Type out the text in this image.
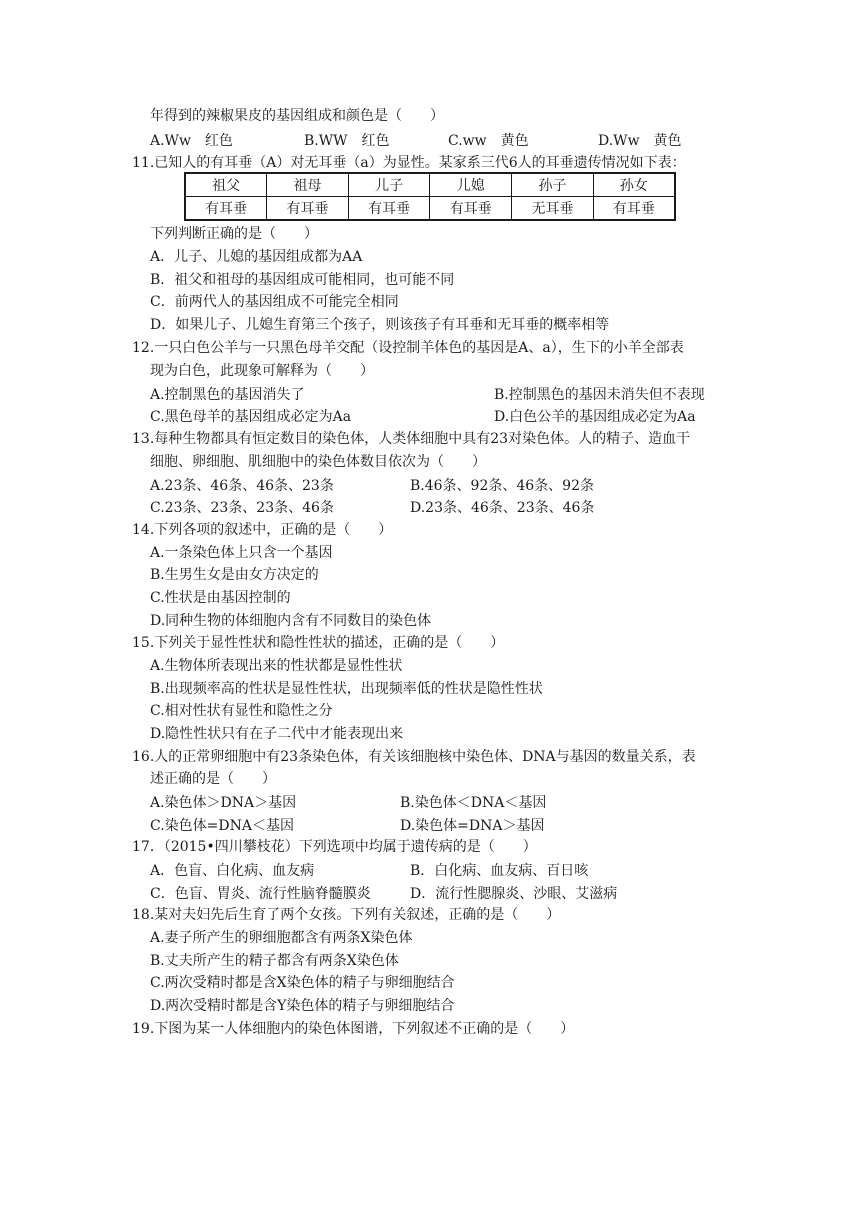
年得到的辣椒果皮的基因组成和颜色是（　　）
A.Ww　红色	B.WW　红色	C.ww　黄色	D.Ww　黄色
11.已知人的有耳垂（A）对无耳垂（a）为显性。某家系三代6人的耳垂遗传情况如下表：
祖父	祖母	儿子	儿媳	孙子	孙女
有耳垂	有耳垂	有耳垂	有耳垂	无耳垂	有耳垂
下列判断正确的是（　　）
A．儿子、儿媳的基因组成都为AA
B．祖父和祖母的基因组成可能相同，也可能不同
C．前两代人的基因组成不可能完全相同
D．如果儿子、儿媳生育第三个孩子，则该孩子有耳垂和无耳垂的概率相等
12.一只白色公羊与一只黑色母羊交配（设控制羊体色的基因是A、a），生下的小羊全部表
现为白色，此现象可解释为（　　）
A.控制黑色的基因消失了	B.控制黑色的基因未消失但不表现
C.黑色母羊的基因组成必定为Aa	D.白色公羊的基因组成必定为Aa
13.每种生物都具有恒定数目的染色体，人类体细胞中具有23对染色体。人的精子、造血干
细胞、卵细胞、肌细胞中的染色体数目依次为（　　）
A.23条、46条、46条、23条	B.46条、92条、46条、92条
C.23条、23条、23条、46条	D.23条、46条、23条、46条
14.下列各项的叙述中，正确的是（　　）
A.一条染色体上只含一个基因
B.生男生女是由女方决定的
C.性状是由基因控制的
D.同种生物的体细胞内含有不同数目的染色体
15.下列关于显性性状和隐性性状的描述，正确的是（　　）
A.生物体所表现出来的性状都是显性性状
B.出现频率高的性状是显性性状，出现频率低的性状是隐性性状
C.相对性状有显性和隐性之分
D.隐性性状只有在子二代中才能表现出来
16.人的正常卵细胞中有23条染色体，有关该细胞核中染色体、DNA与基因的数量关系，表
述正确的是（　　）
A.染色体＞DNA＞基因	B.染色体＜DNA＜基因
C.染色体=DNA＜基因	D.染色体=DNA＞基因
17．（2015•四川攀枝花）下列选项中均属于遗传病的是（　　）
A．色盲、白化病、血友病	B．白化病、血友病、百日咳
C．色盲、胃炎、流行性脑脊髓膜炎	D．流行性腮腺炎、沙眼、艾滋病
18.某对夫妇先后生育了两个女孩。下列有关叙述，正确的是（　　）
A.妻子所产生的卵细胞都含有两条X染色体
B.丈夫所产生的精子都含有两条X染色体
C.两次受精时都是含X染色体的精子与卵细胞结合
D.两次受精时都是含Y染色体的精子与卵细胞结合
19.下图为某一人体细胞内的染色体图谱，下列叙述不正确的是（　　）
